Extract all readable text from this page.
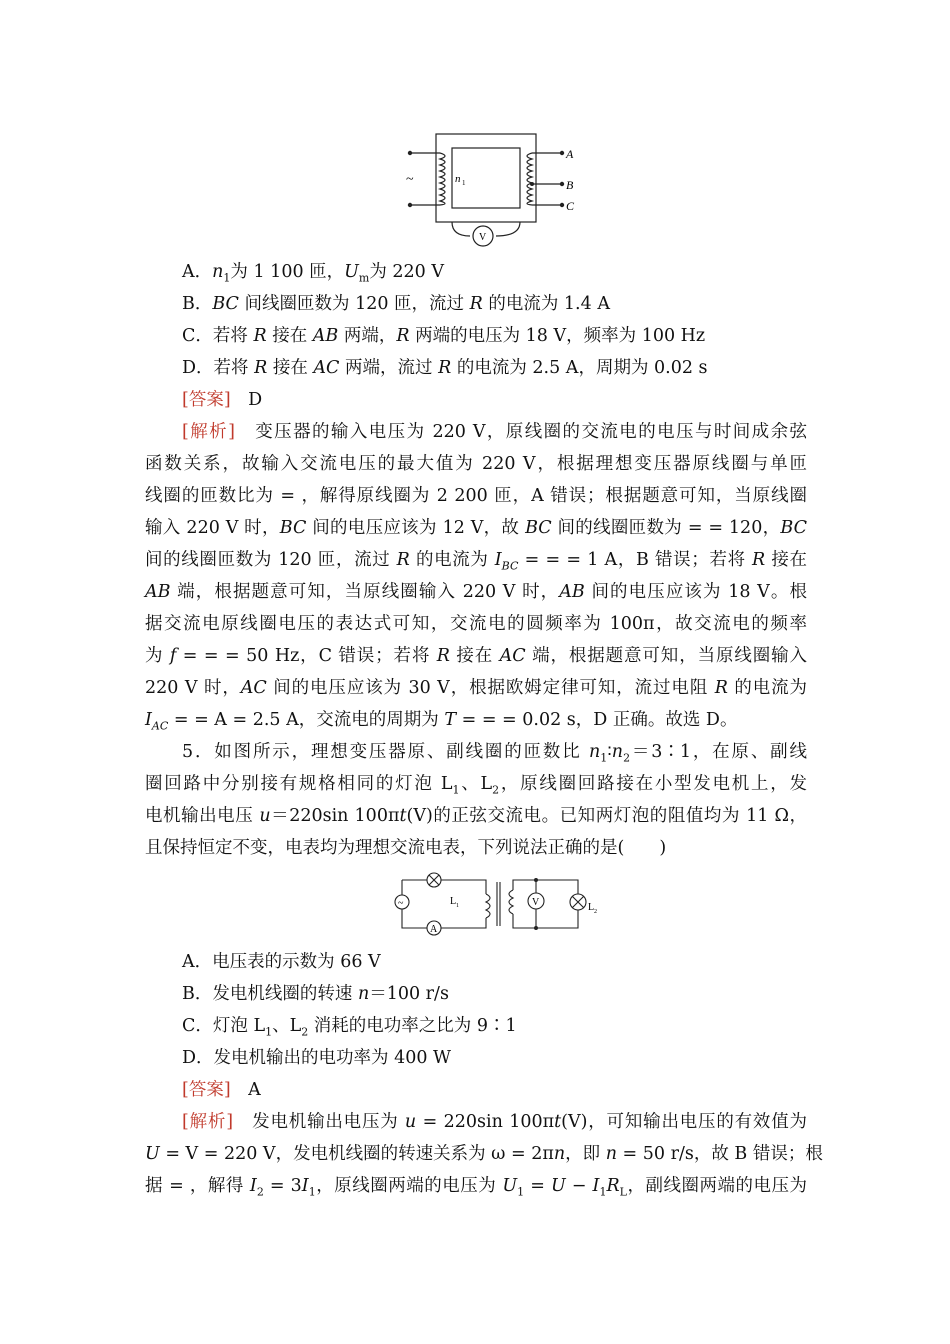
~	n 1
A
B
C
V
A．$n_1$为 1 100 匝，$U_m$为 220 V
B．BC 间线圈匝数为 120 匝，流过 R 的电流为 1.4 A
C．若将 R 接在 AB 两端，R 两端的电压为 18 V，频率为 100 Hz
D．若将 R 接在 AC 两端，流过 R 的电流为 2.5 A，周期为 0.02 s
[答案]　 D
[解析]　 变压器的输入电压为 220 V，原线圈的交流电的电压与时间成余弦
函数关系，故输入交流电压的最大值为 220 V，根据理想变压器原线圈与单匝
线圈的匝数比为 = ，解得原线圈为 2 200 匝，A 错误；根据题意可知，当原线圈
输入 220 V 时，BC 间的电压应该为 12 V，故 BC 间的线圈匝数为 = = 120，BC
间的线圈匝数为 120 匝，流过 R 的电流为 $I_{BC}$ = = = 1 A，B 错误；若将 R 接在
AB 端，根据题意可知，当原线圈输入 220 V 时，AB 间的电压应该为 18 V。根
据交流电原线圈电压的表达式可知，交流电的圆频率为 100π，故交流电的频率
为 f = = = 50 Hz，C 错误；若将 R 接在 AC 端，根据题意可知，当原线圈输入
220 V 时，AC 间的电压应该为 30 V，根据欧姆定律可知，流过电阻 R 的电流为
$I_{AC}$ = = A = 2.5 A，交流电的周期为 T = = = 0.02 s，D 正确。故选 D。
5．如图所示，理想变压器原、副线圈的匝数比 $n_1∶n_2=3∶1$，在原、副线
圈回路中分别接有规格相同的灯泡 $L_1$、$L_2$，原线圈回路接在小型发电机上，发
电机输出电压 u＝220sin 100πt(V)的正弦交流电。已知两灯泡的阻值均为 11 Ω，
且保持恒定不变，电表均为理想交流电表，下列说法正确的是(　　)
~	L 1	L 2
V
A
A．电压表的示数为 66 V
B．发电机线圈的转速 n＝100 r/s
C．灯泡 $L_1$、$L_2$ 消耗的电功率之比为 9∶1
D．发电机输出的电功率为 400 W
[答案]　 A
[解析]　 发电机输出电压为 u = 220sin 100πt(V)，可知输出电压的有效值为
U = V = 220 V，发电机线圈的转速关系为 ω = 2πn，即 n = 50 r/s，故 B 错误；根
据 = ，解得 $I_2 = 3I_1$，原线圈两端的电压为 $U_1 = U - I_1R_L$，副线圈两端的电压为
